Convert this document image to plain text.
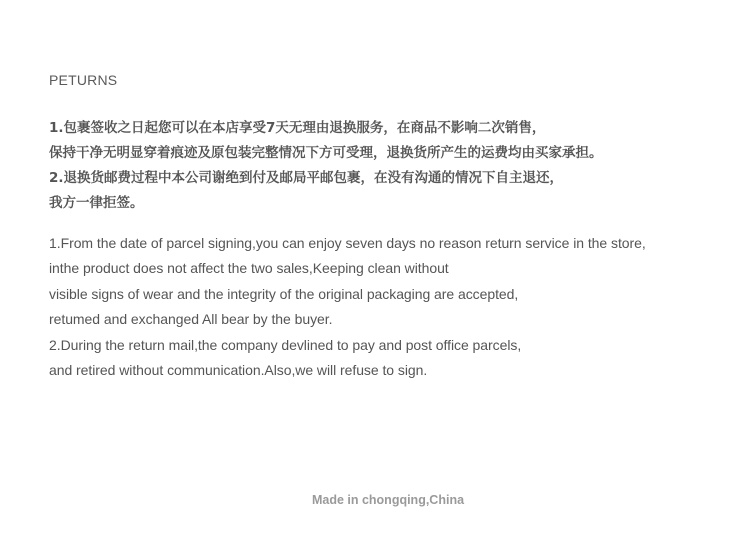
PETURNS
1.包裹签收之日起您可以在本店享受7天无理由退换服务，在商品不影响二次销售，
保持干净无明显穿着痕迹及原包装完整情况下方可受理，退换货所产生的运费均由买家承担。
2.退换货邮费过程中本公司谢绝到付及邮局平邮包裹，在没有沟通的情况下自主退还，
我方一律拒签。
1.From the date of parcel signing,you can enjoy seven days no reason return service in the store,
inthe product does not affect the two sales,Keeping clean without
visible signs of wear and the integrity of the original packaging are accepted,
retumed and exchanged All bear by the buyer.
2.During the return mail,the company devlined to pay and post office parcels,
and retired without communication.Also,we will refuse to sign.
Made in chongqing,China
